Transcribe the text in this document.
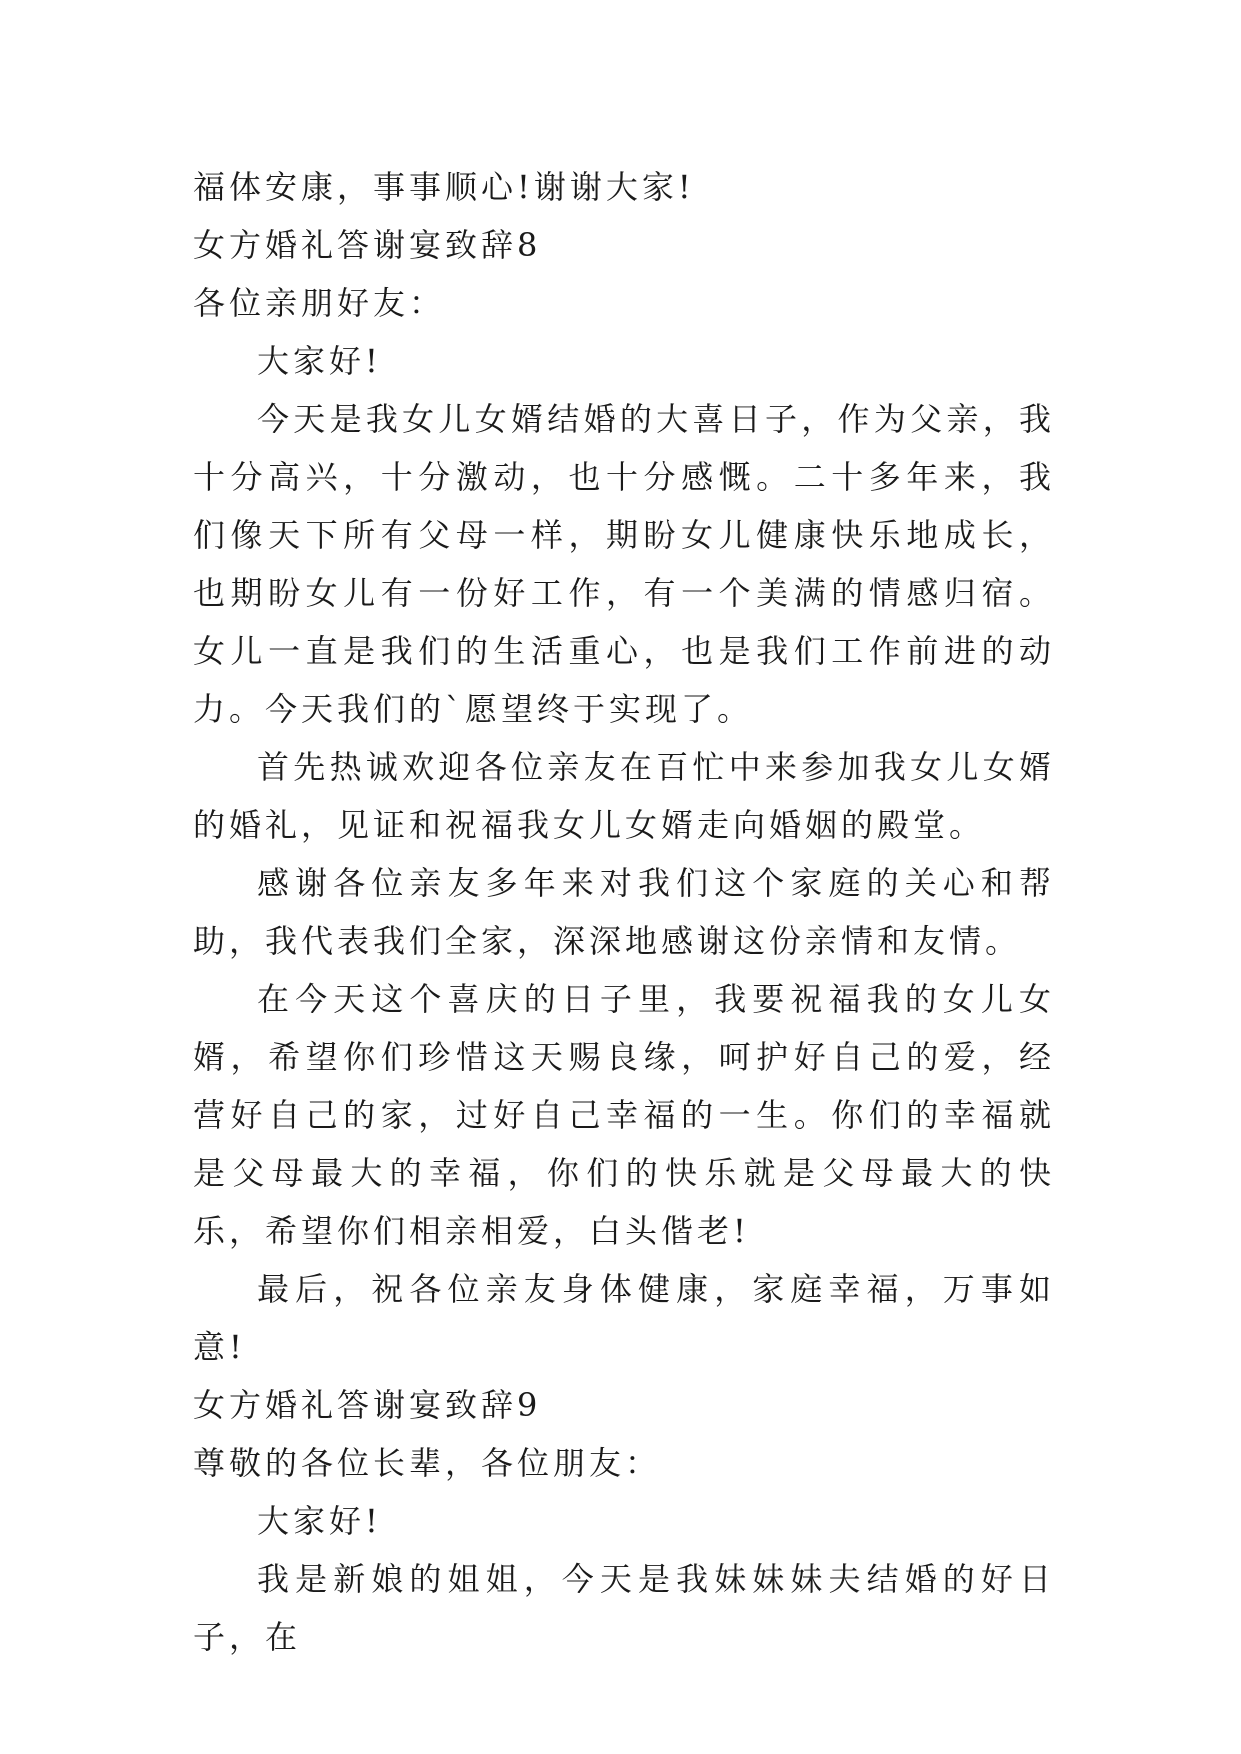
福体安康，事事顺心!谢谢大家!

女方婚礼答谢宴致辞8

各位亲朋好友：

大家好!

今天是我女儿女婿结婚的大喜日子，作为父亲，我十分高兴，十分激动，也十分感慨。二十多年来，我们像天下所有父母一样，期盼女儿健康快乐地成长，也期盼女儿有一份好工作，有一个美满的情感归宿。女儿一直是我们的生活重心，也是我们工作前进的动力。今天我们的`愿望终于实现了。

首先热诚欢迎各位亲友在百忙中来参加我女儿女婿的婚礼，见证和祝福我女儿女婿走向婚姻的殿堂。

感谢各位亲友多年来对我们这个家庭的关心和帮助，我代表我们全家，深深地感谢这份亲情和友情。

在今天这个喜庆的日子里，我要祝福我的女儿女婿，希望你们珍惜这天赐良缘，呵护好自己的爱，经营好自己的家，过好自己幸福的一生。你们的幸福就是父母最大的幸福，你们的快乐就是父母最大的快乐，希望你们相亲相爱，白头偕老!

最后，祝各位亲友身体健康，家庭幸福，万事如意!

女方婚礼答谢宴致辞9

尊敬的各位长辈，各位朋友：

大家好!

我是新娘的姐姐，今天是我妹妹妹夫结婚的好日子，在
